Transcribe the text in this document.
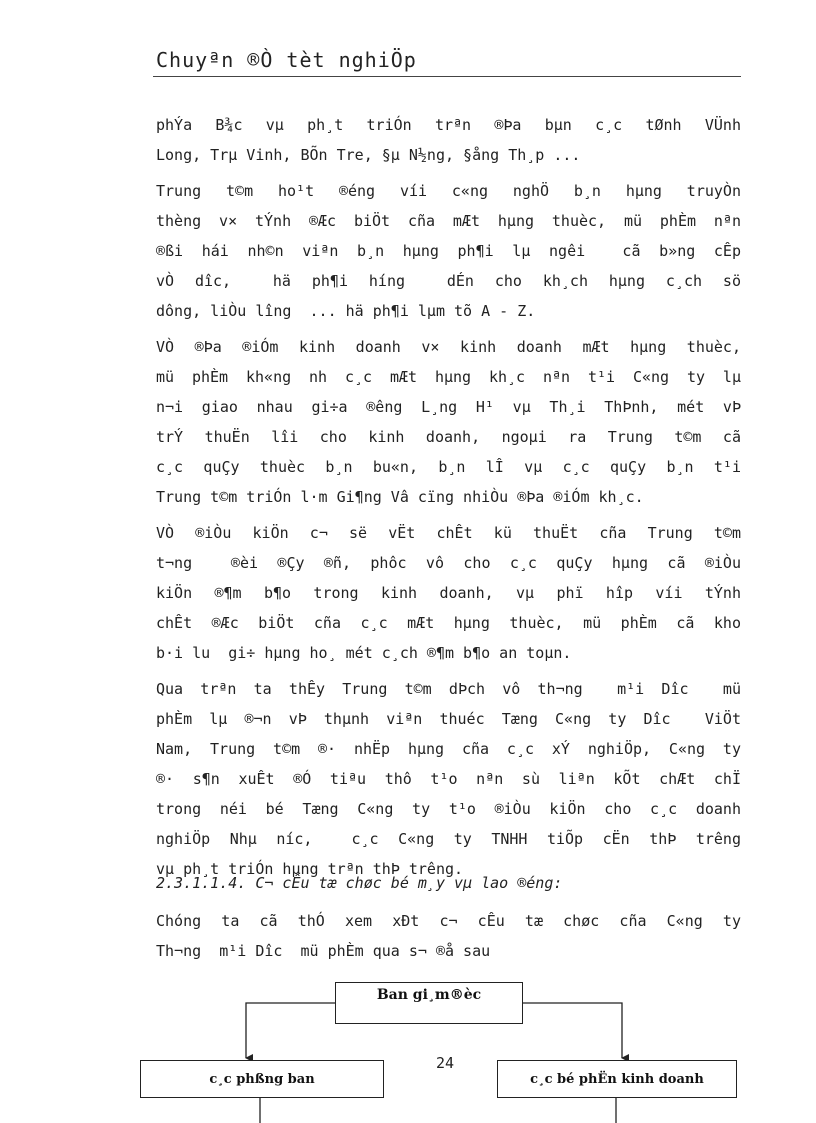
Chuyªn ®Ò tèt nghiÖp
phÝa B¾c vµ ph¸t triÓn trªn ®Þa bµn c¸c tØnh VÜnh
Long, Trµ Vinh, BÕn Tre, §µ N½ng, §ång Th¸p ...
Trung t©m ho¹t ®éng víi c«ng nghÖ b¸n hµng truyÒn
thèng v× tÝnh ®Æc biÖt cña mÆt hµng thuèc, mü phÈm nªn
®ßi hái nh©n viªn b¸n hµng ph¶i lµ ngêi  cã b»ng cÊp
vÒ dîc,  hä ph¶i híng  dÉn cho kh¸ch hµng c¸ch sö
dông, liÒu lîng  ... hä ph¶i lµm tõ A - Z.
VÒ ®Þa ®iÓm kinh doanh v× kinh doanh mÆt hµng thuèc,
mü phÈm kh«ng nh c¸c mÆt hµng kh¸c nªn t¹i C«ng ty lµ
n¬i giao nhau gi÷a ®êng L¸ng H¹ vµ Th¸i ThÞnh, mét vÞ
trÝ thuËn lîi cho kinh doanh, ngoµi ra Trung t©m cã
c¸c quÇy thuèc b¸n bu«n, b¸n lÎ vµ c¸c quÇy b¸n t¹i
Trung t©m triÓn l·m Gi¶ng Vâ cïng nhiÒu ®Þa ®iÓm kh¸c.
VÒ ®iÒu kiÖn c¬ së vËt chÊt kü thuËt cña Trung t©m
t¬ng  ®èi ®Çy ®ñ, phôc vô cho c¸c quÇy hµng cã ®iÒu
kiÖn ®¶m b¶o trong kinh doanh, vµ phï hîp víi tÝnh
chÊt ®Æc biÖt cña c¸c mÆt hµng thuèc, mü phÈm cã kho
b·i lu  gi÷ hµng ho¸ mét c¸ch ®¶m b¶o an toµn.
Qua trªn ta thÊy Trung t©m dÞch vô th¬ng  m¹i Dîc  mü
phÈm lµ ®¬n vÞ thµnh viªn thuéc Tæng C«ng ty Dîc  ViÖt
Nam, Trung t©m ®· nhËp hµng cña c¸c xÝ nghiÖp, C«ng ty
®· s¶n xuÊt ®Ó tiªu thô t¹o nªn sù liªn kÕt chÆt chÏ
trong néi bé Tæng C«ng ty t¹o ®iÒu kiÖn cho c¸c doanh
nghiÖp Nhµ níc,  c¸c C«ng ty TNHH tiÕp cËn thÞ trêng
vµ ph¸t triÓn hµng trªn thÞ trêng.
2.3.1.1.4. C¬ cÊu tæ chøc bé m¸y vµ lao ®éng:
Chóng ta cã thÓ xem xÐt c¬ cÊu tæ chøc cña C«ng ty
Th¬ng  m¹i Dîc  mü phÈm qua s¬ ®å sau
Ban gi¸m®èc
c¸c phßng ban	c¸c bé phËn kinh doanh
24
